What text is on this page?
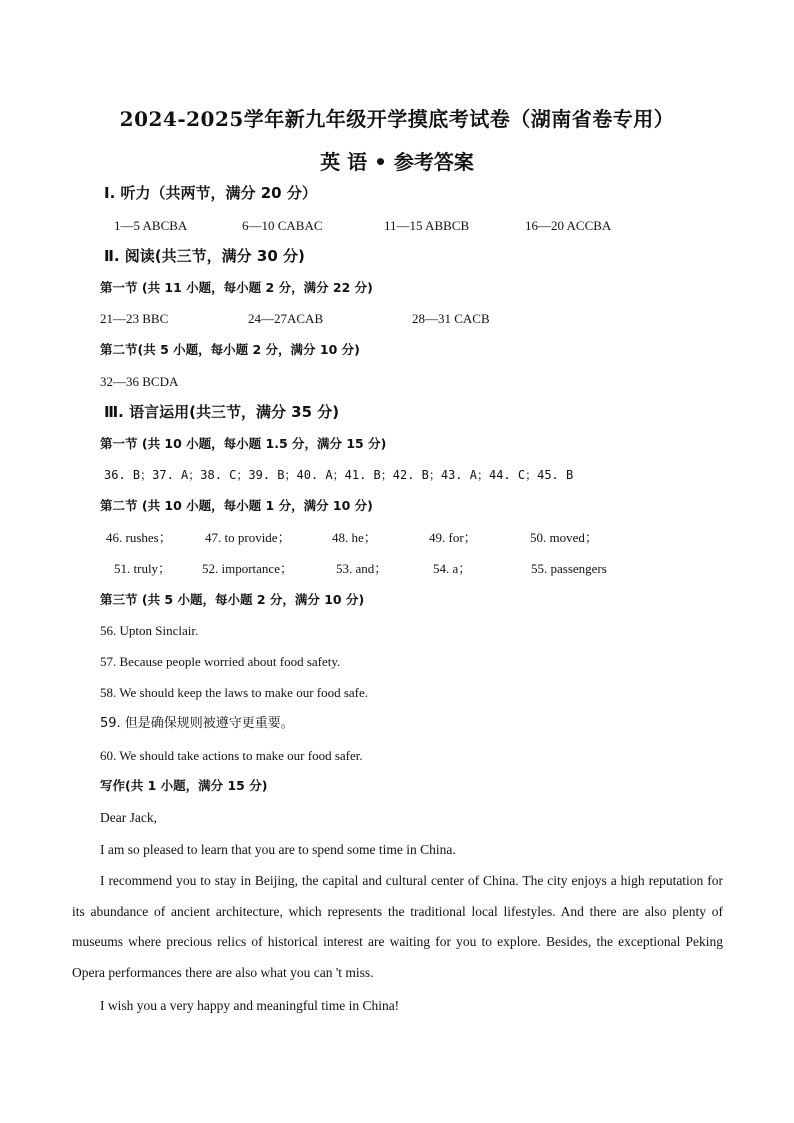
2024-2025学年新九年级开学摸底考试卷（湖南省卷专用）
英 语 • 参考答案
Ⅰ. 听力（共两节，满分 20 分）
1—5 ABCBA	6—10 CABAC	11—15 ABBCB	16—20 ACCBA
Ⅱ. 阅读(共三节，满分 30 分)
第一节 (共 11 小题，每小题 2 分，满分 22 分)
21—23 BBC	24—27ACAB	28—31 CACB
第二节(共 5 小题，每小题 2 分，满分 10 分)
32—36 BCDA
Ⅲ. 语言运用(共三节，满分 35 分)
第一节 (共 10 小题，每小题 1.5 分，满分 15 分)
36. B；37. A；38. C；39. B；40. A；41. B；42. B；43. A；44. C；45. B
第二节 (共 10 小题，每小题 1 分，满分 10 分)
46. rushes；	47. to provide；	48. he；	49. for；	50. moved；
51. truly； 52. importance；	53. and；	54. a；	55. passengers
第三节 (共 5 小题，每小题 2 分，满分 10 分)
56. Upton Sinclair.
57. Because people worried about food safety.
58. We should keep the laws to make our food safe.
59. 但是确保规则被遵守更重要。
60. We should take actions to make our food safer.
写作(共 1 小题，满分 15 分)
Dear Jack,
I am so pleased to learn that you are to spend some time in China.
I recommend you to stay in Beijing, the capital and cultural center of China. The city enjoys a high reputation for its abundance of ancient architecture, which represents the traditional local lifestyles. And there are also plenty of museums where precious relics of historical interest are waiting for you to explore. Besides, the exceptional Peking Opera performances there are also what you can 't miss.
I wish you a very happy and meaningful time in China!
